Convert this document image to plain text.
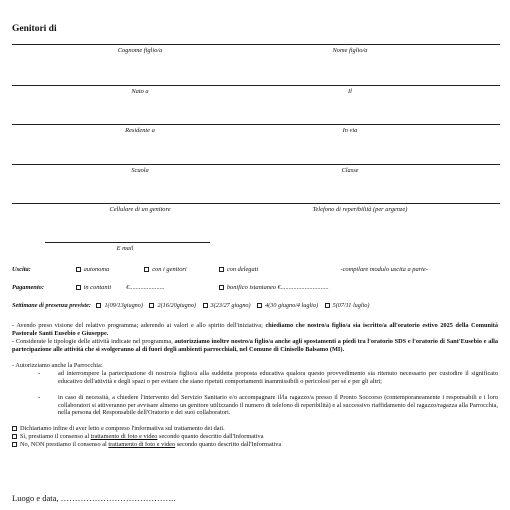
Genitori di
Cognome figlio/a	Nome figlio/a
Nato a	Il
Residente a	In via
Scuola	Classe
Cellulare di un genitore	Telefono di reperibilità (per urgenze)
E mail
Uscita:	autonoma	con i genitori	con delegati	-compilare modulo uscita a parte-
Pagamento:	in contanti €......................	bonifico istantaneo €..............................
Settimane di presenza previste: 1(09/13giugno) 2(16/20giugno) 3(23/27 giugno) 4(30 giugno/4 luglio) 5(07/11 luglio)
- Avendo preso visione del relativo programma; aderendo ai valori e allo spirito dell'iniziativa; chiediamo che nostro/a figlio/a sia iscritto/a all'oratorio estivo 2025 della Comunità Pastorale Santi Eusebio e Giuseppe.
- Considerate le tipologie delle attività indicate nel programma, autorizziamo inoltre nostro/a figlio/a anche agli spostamenti a piedi tra l'oratorio SDS e l'oratorio di Sant'Eusebio e alla partecipazione alle attività che si svolgeranno al di fuori degli ambienti parrocchiali, nel Comune di Cinisello Balsamo (MI).
- Autorizziamo anche la Parrocchia:
-	ad interrompere la partecipazione di nostro/a figlio/a alla suddetta proposta educativa qualora questo provvedimento sia ritenuto necessario per custodire il significato educativo dell'attività e degli spazi o per evitare che siano ripetuti comportamenti inammissibili o pericolosi per sé e per gli altri;
-	in caso di necessità, a chiedere l'intervento del Servizio Sanitario e/o accompagnare il/la ragazzo/a presso il Pronto Soccorso (contemporaneamente i responsabili e i loro collaboratori si attiveranno per avvisare almeno un genitore utilizzando il numero di telefono di reperibilità) e al successivo riaffidamento del ragazzo/ragazza alla Parrocchia, nella persona del Responsabile dell'Oratorio e dei suoi collaboratori.
Dichiariamo infine di aver letto e compreso l'informativa sul trattamento dei dati.
Sì, prestiamo il consenso al trattamento di foto e video secondo quanto descritto dall'Informativa
No, NON prestiamo il consenso al trattamento di foto e video secondo quanto descritto dall'Informativa
Luogo e data, …………………………………..
